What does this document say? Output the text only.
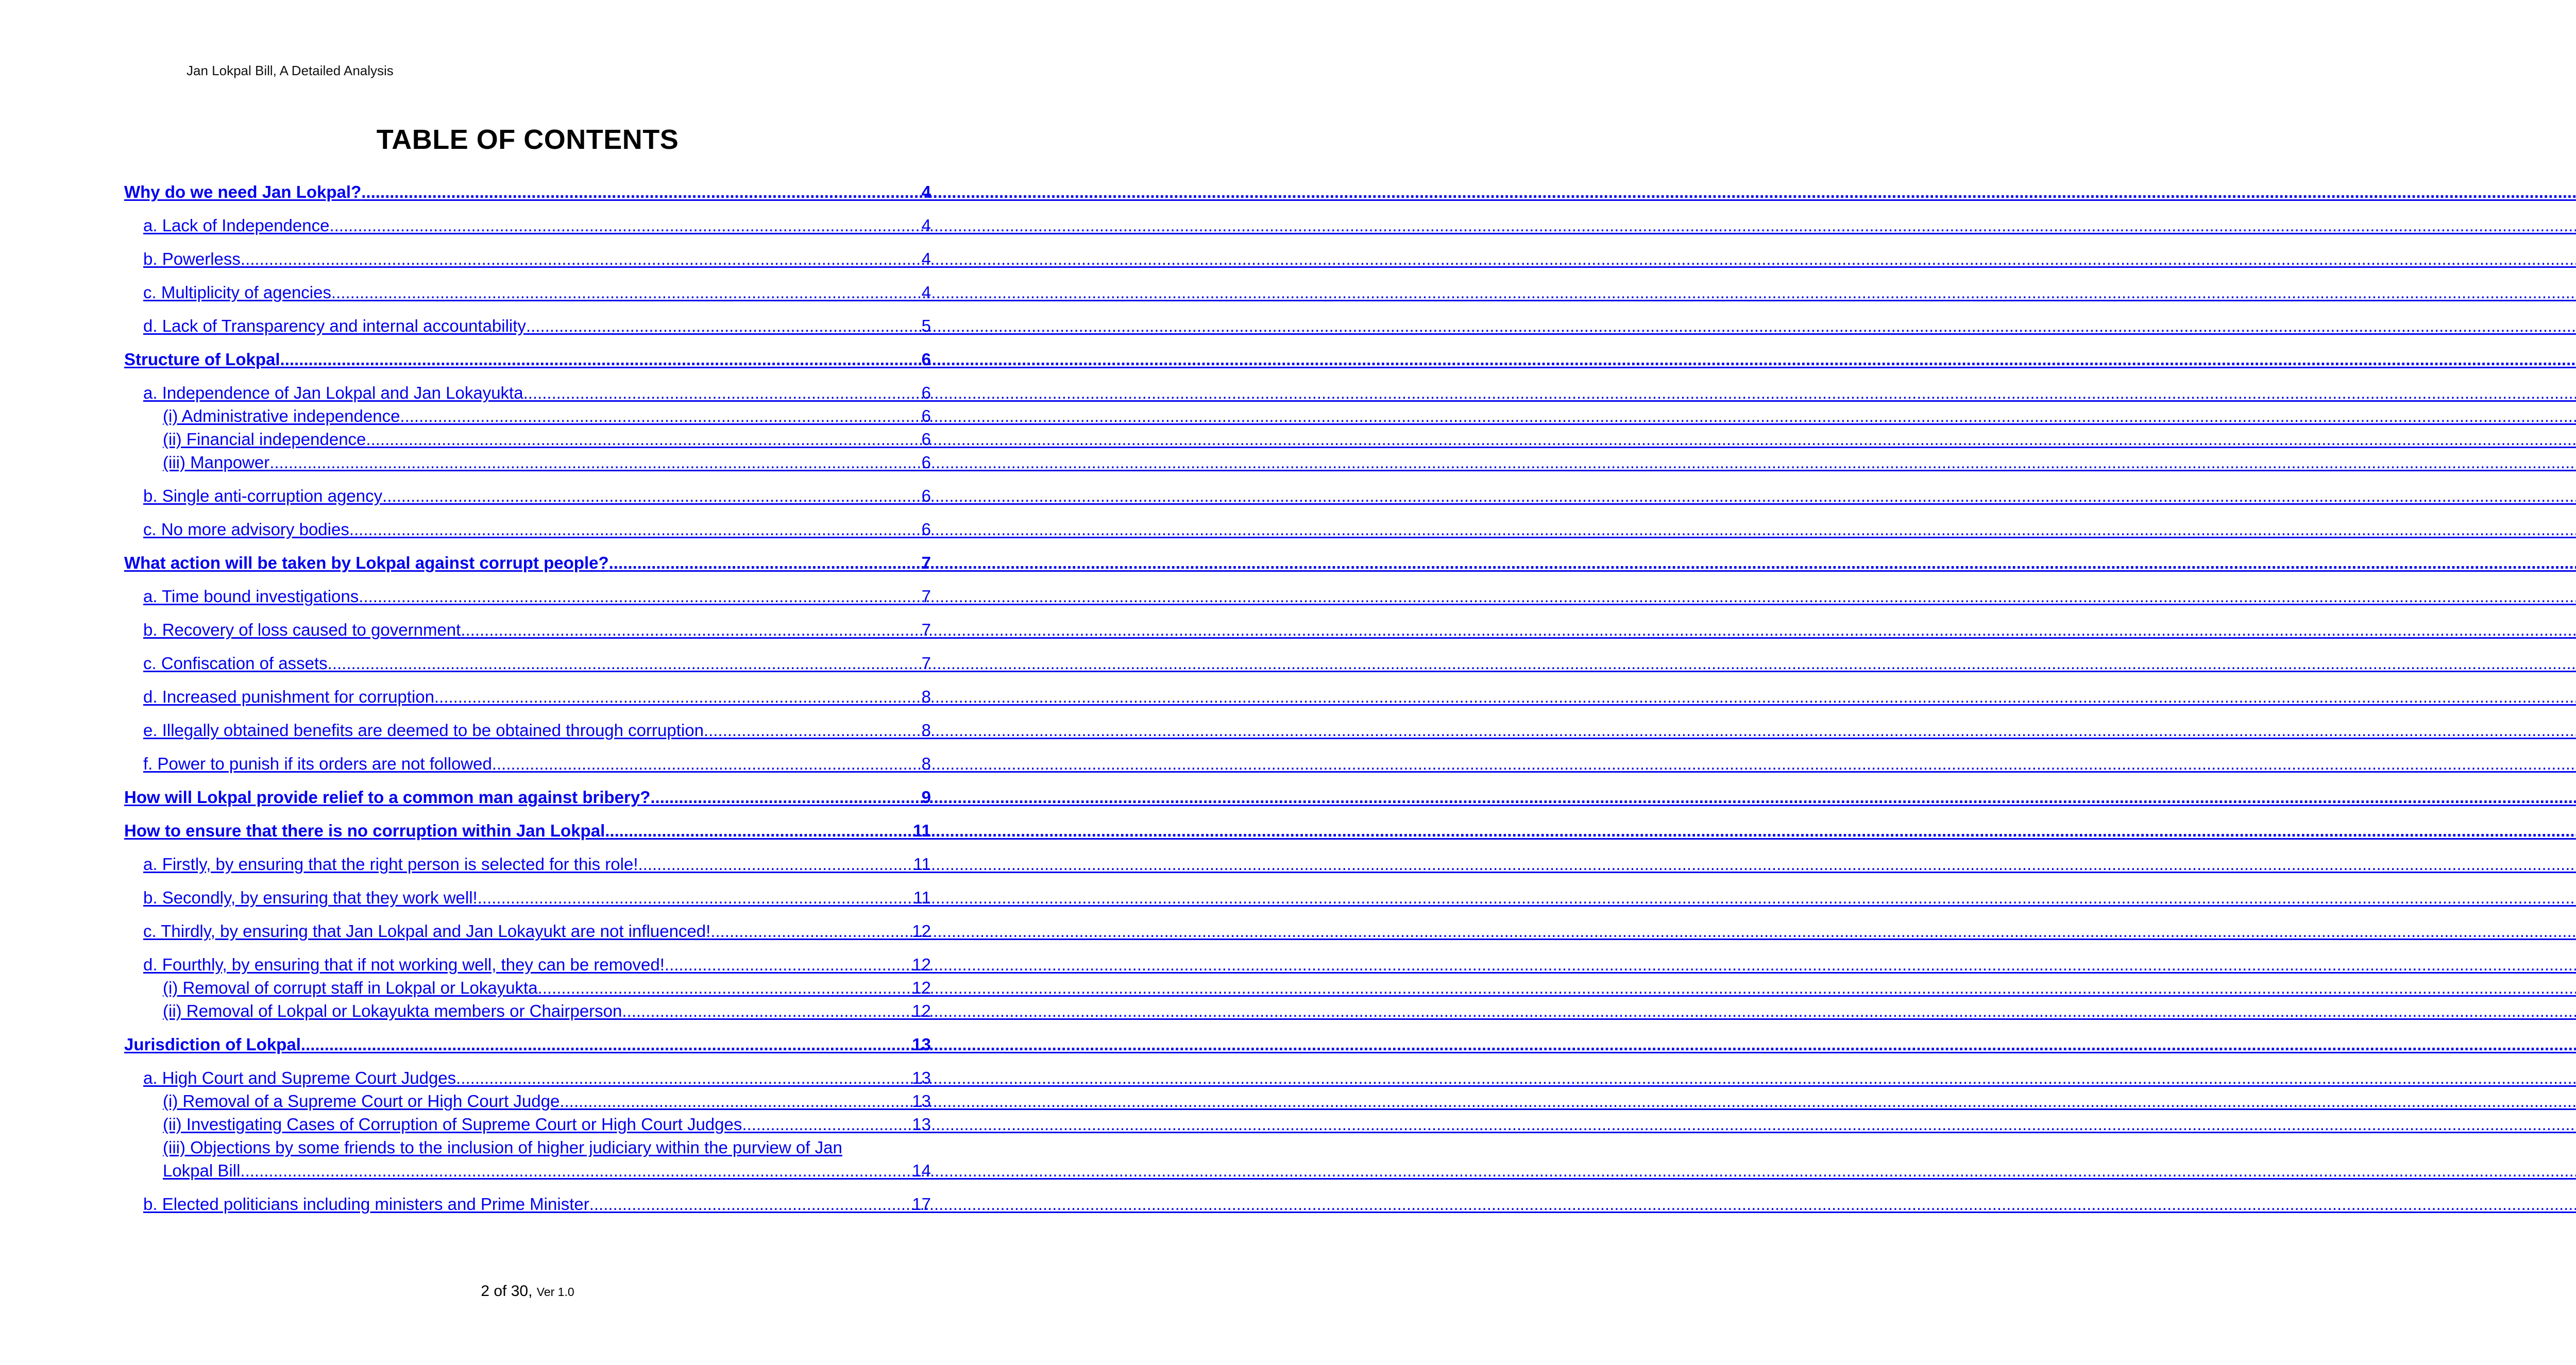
Jan Lokpal Bill, A Detailed Analysis
TABLE OF CONTENTS
Why do we need Jan Lokpal? .....	4
a. Lack of Independence .....	4
b. Powerless .....	4
c. Multiplicity of agencies .....	4
d. Lack of Transparency and internal accountability .....	5
Structure of Lokpal .....	6
a. Independence of Jan Lokpal and Jan Lokayukta .....	6
(i) Administrative independence .....	6
(ii) Financial independence .....	6
(iii) Manpower .....	6
b. Single anti-corruption agency .....	6
c. No more advisory bodies .....	6
What action will be taken by Lokpal against corrupt people? .....	7
a. Time bound investigations .....	7
b. Recovery of loss caused to government .....	7
c. Confiscation of assets .....	7
d. Increased punishment for corruption .....	8
e. Illegally obtained benefits are deemed to be obtained through corruption .....	8
f. Power to punish if its orders are not followed .....	8
How will Lokpal provide relief to a common man against bribery? .....	9
How to ensure that there is no corruption within Jan Lokpal .....	11
a. Firstly, by ensuring that the right person is selected for this role! .....	11
b. Secondly, by ensuring that they work well! .....	11
c. Thirdly, by ensuring that Jan Lokpal and Jan Lokayukt are not influenced! .....	12
d. Fourthly, by ensuring that if not working well, they can be removed! .....	12
(i) Removal of corrupt staff in Lokpal or Lokayukta .....	12
(ii) Removal of Lokpal or Lokayukta members or Chairperson .....	12
Jurisdiction of Lokpal .....	13
a. High Court and Supreme Court Judges .....	13
(i) Removal of a Supreme Court or High Court Judge .....	13
(ii) Investigating Cases of Corruption of Supreme Court or High Court Judges .....	13
(iii) Objections by some friends to the inclusion of higher judiciary within the purview of Jan
Lokpal Bill .....	14
b. Elected politicians including ministers and Prime Minister .....	17
2 of 30, Ver 1.0
